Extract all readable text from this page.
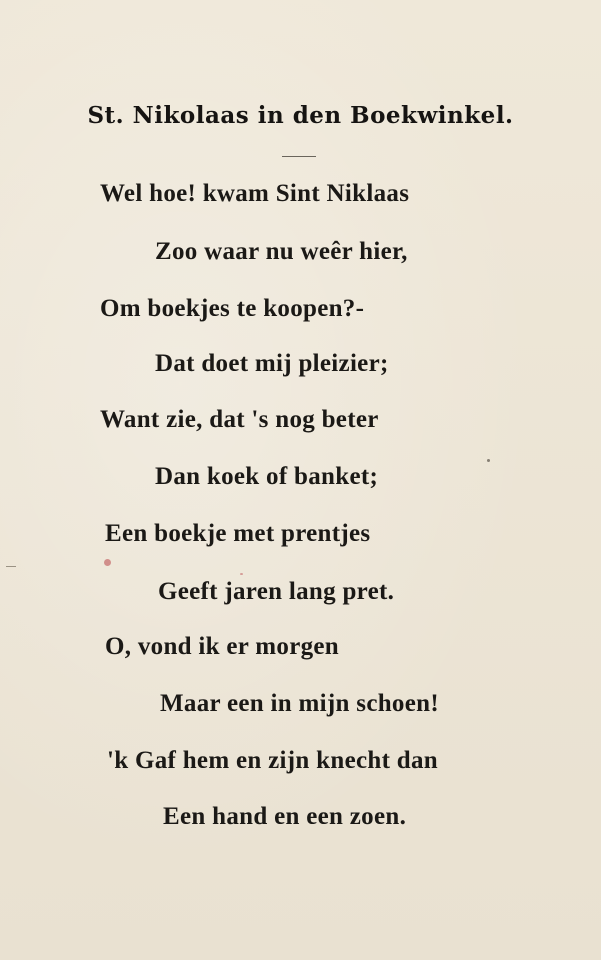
St. Nikolaas in den Boekwinkel.
Wel hoe! kwam Sint Niklaas
Zoo waar nu weêr hier,
Om boekjes te koopen?-
Dat doet mij pleizier;
Want zie, dat 's nog beter
Dan koek of banket;
Een boekje met prentjes
Geeft jaren lang pret.
O, vond ik er morgen
Maar een in mijn schoen!
'k Gaf hem en zijn knecht dan
Een hand en een zoen.
